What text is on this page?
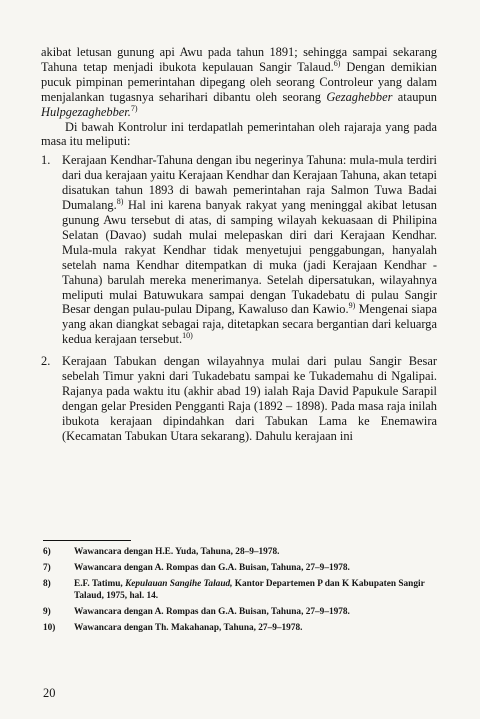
akibat letusan gunung api Awu pada tahun 1891; sehingga sampai sekarang Tahuna tetap menjadi ibukota kepulauan Sangir Talaud.$^{6)}$ Dengan demikian pucuk pimpinan pemerintahan dipegang oleh seorang Controleur yang dalam menjalankan tugasnya seharihari dibantu oleh seorang Gezaghebber ataupun Hulpgezaghebber.$^{7)}$

Di bawah Kontrolur ini terdapatlah pemerintahan oleh rajaraja yang pada masa itu meliputi:

1. Kerajaan Kendhar-Tahuna dengan ibu negerinya Tahuna: mula-mula terdiri dari dua kerajaan yaitu Kerajaan Kendhar dan Kerajaan Tahuna, akan tetapi disatukan tahun 1893 di bawah pemerintahan raja Salmon Tuwa Badai Dumalang.$^{8)}$ Hal ini karena banyak rakyat yang meninggal akibat letusan gunung Awu tersebut di atas, di samping wilayah kekuasaan di Philipina Selatan (Davao) sudah mulai melepaskan diri dari Kerajaan Kendhar. Mula-mula rakyat Kendhar tidak menyetujui penggabungan, hanyalah setelah nama Kendhar ditempatkan di muka (jadi Kerajaan Kendhar - Tahuna) barulah mereka menerimanya. Setelah dipersatukan, wilayahnya meliputi mulai Batuwukara sampai dengan Tukadebatu di pulau Sangir Besar dengan pulau-pulau Dipang, Kawaluso dan Kawio.$^{9)}$ Mengenai siapa yang akan diangkat sebagai raja, ditetapkan secara bergantian dari keluarga kedua kerajaan tersebut.$^{10)}$

2. Kerajaan Tabukan dengan wilayahnya mulai dari pulau Sangir Besar sebelah Timur yakni dari Tukadebatu sampai ke Tukademahu di Ngalipai. Rajanya pada waktu itu (akhir abad 19) ialah Raja David Papukule Sarapil dengan gelar Presiden Pengganti Raja (1892 – 1898). Pada masa raja inilah ibukota kerajaan dipindahkan dari Tabukan Lama ke Enemawira (Kecamatan Tabukan Utara sekarang). Dahulu kerajaan ini

6)	Wawancara dengan H.E. Yuda, Tahuna, 28–9–1978.
7)	Wawancara dengan A. Rompas dan G.A. Buisan, Tahuna, 27–9–1978.
8)	E.F. Tatimu, Kepulauan Sangihe Talaud, Kantor Departemen P dan K Kabupaten Sangir Talaud, 1975, hal. 14.
9)	Wawancara dengan A. Rompas dan G.A. Buisan, Tahuna, 27–9–1978.
10) Wawancara dengan Th. Makahanap, Tahuna, 27–9–1978.
20
